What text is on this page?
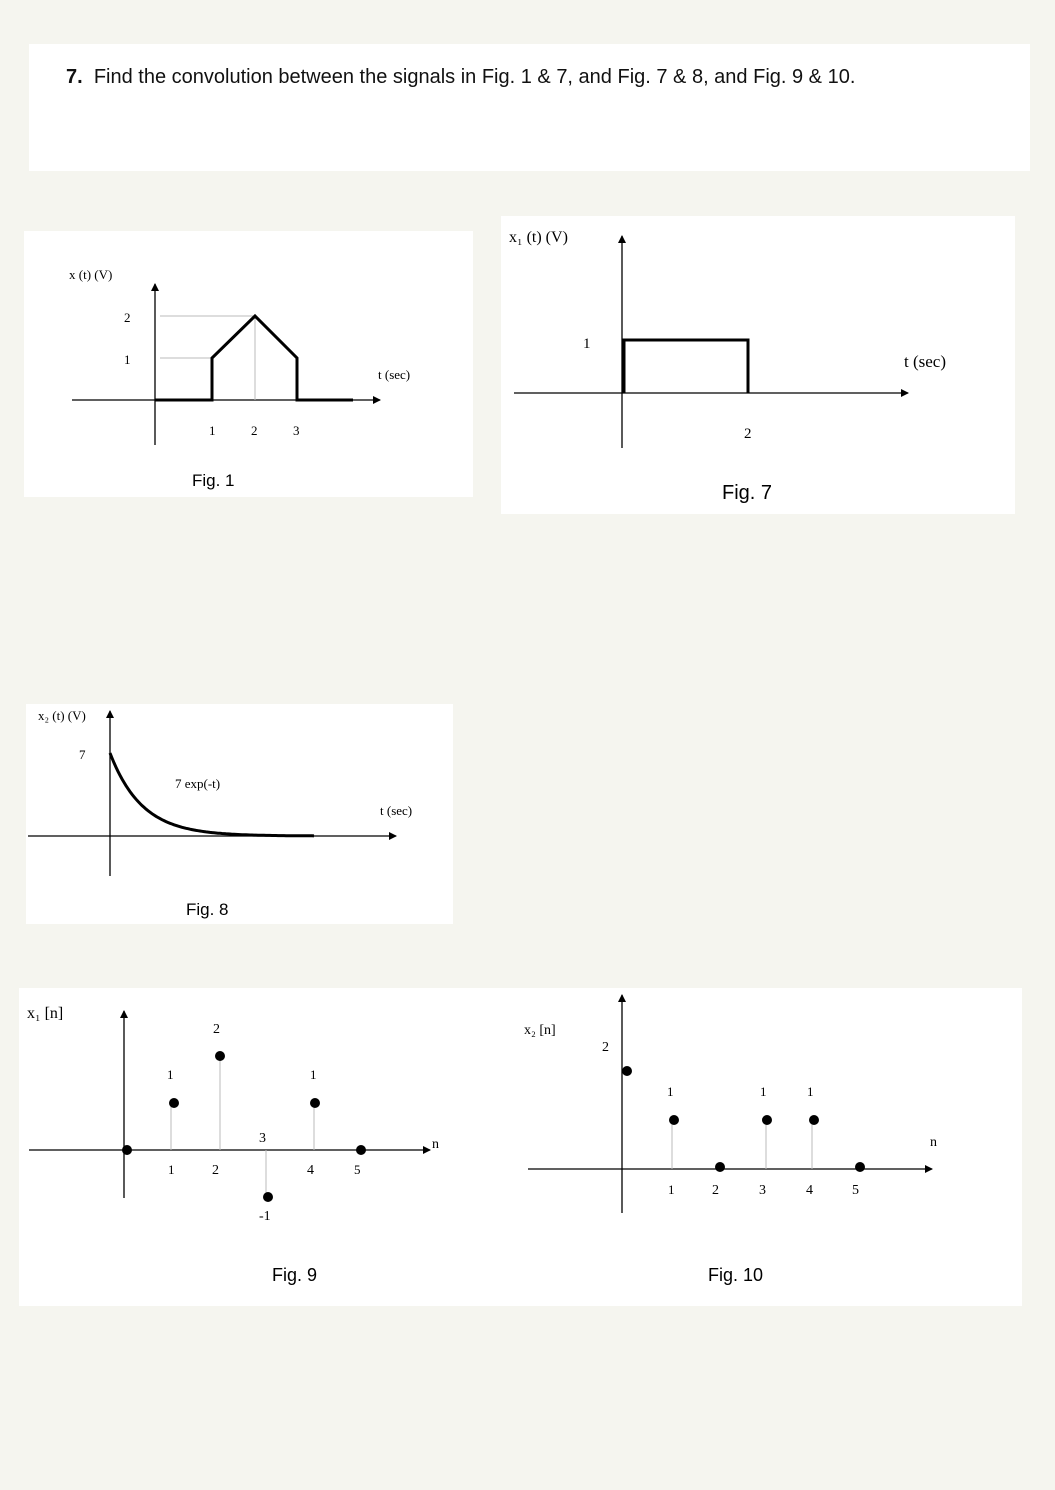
7. Find the convolution between the signals in Fig. 1 & 7, and Fig. 7 & 8, and Fig. 9 & 10.
x (t) (V)
2
1
1	2	3
t (sec)
Fig. 1
x₁ (t) (V)
1
2
t (sec)
Fig. 7
x₂ (t) (V)
7
7 exp(-t)
t (sec)
Fig. 8
x₁ [n]
1
2
3
-1
1
1	2	4	5
n
Fig. 9
x₂ [n]
2
1	1	1
1	2	3	4	5
n
Fig. 10
